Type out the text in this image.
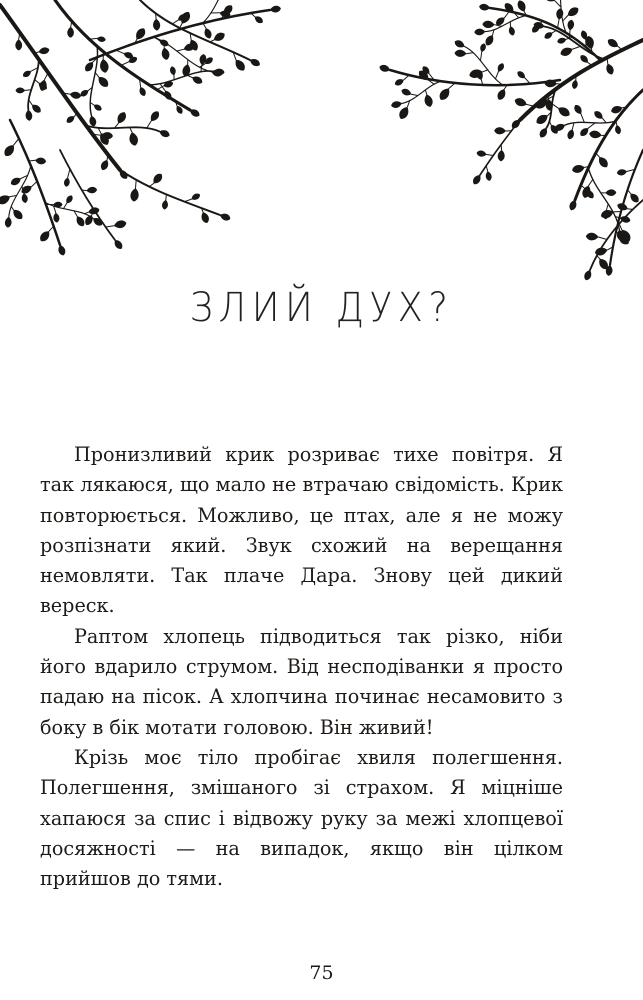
ЗЛИЙ ДУХ?

Пронизливий крик розриває тихе повітря. Я так лякаюся, що мало не втрачаю свідомість. Крик повторюється. Можливо, це птах, але я не можу розпізнати який. Звук схожий на верещання немовляти. Так плаче Дара. Знову цей дикий вереск.

Раптом хлопець підводиться так різко, ніби його вдарило струмом. Від несподіванки я просто падаю на пісок. А хлопчина починає несамовито з боку в бік мотати головою. Він живий!

Крізь моє тіло пробігає хвиля полегшення. Полегшення, змішаного зі страхом. Я міцніше хапаюся за спис і відвожу руку за межі хлопцевої досяжності — на випадок, якщо він цілком прийшов до тями.

75
